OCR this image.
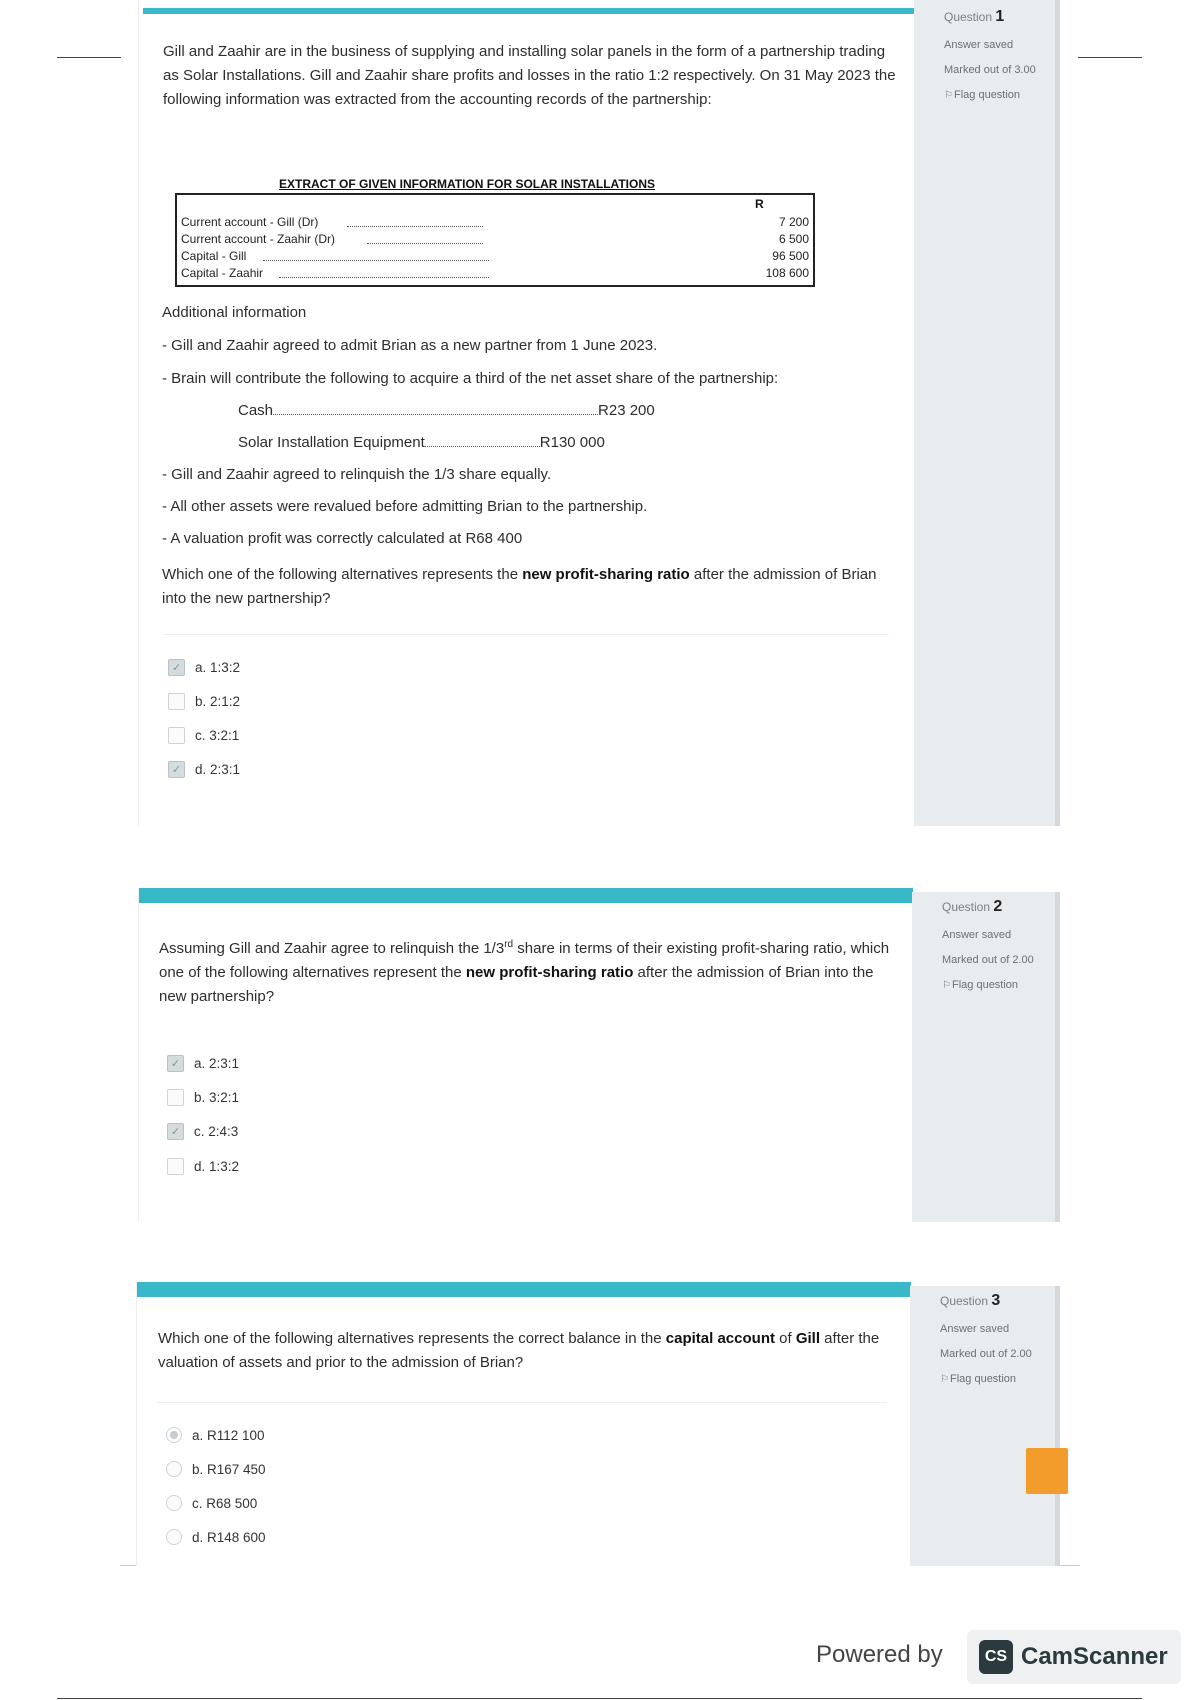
Gill and Zaahir are in the business of supplying and installing solar panels in the form of a partnership trading as Solar Installations. Gill and Zaahir share profits and losses in the ratio 1:2 respectively. On 31 May 2023 the following information was extracted from the accounting records of the partnership:
EXTRACT OF GIVEN INFORMATION FOR SOLAR INSTALLATIONS
R
Current account - Gill (Dr)	7 200
Current account - Zaahir (Dr)	6 500
Capital - Gill	96 500
Capital - Zaahir	108 600
Additional information
- Gill and Zaahir agreed to admit Brian as a new partner from 1 June 2023.
- Brain will contribute the following to acquire a third of the net asset share of the partnership:
Cash	R23 200
Solar Installation Equipment	R130 000
- Gill and Zaahir agreed to relinquish the 1/3 share equally.
- All other assets were revalued before admitting Brian to the partnership.
- A valuation profit was correctly calculated at R68 400
Which one of the following alternatives represents the new profit-sharing ratio after the admission of Brian into the new partnership?
✓ a. 1:3:2
b. 2:1:2
c. 3:2:1
✓ d. 2:3:1
Question 1
Answer saved
Marked out of 3.00
⚐Flag question
Assuming Gill and Zaahir agree to relinquish the 1/3rd share in terms of their existing profit-sharing ratio, which one of the following alternatives represent the new profit-sharing ratio after the admission of Brian into the new partnership?
✓ a. 2:3:1
b. 3:2:1
✓ c. 2:4:3
d. 1:3:2
Question 2
Answer saved
Marked out of 2.00
⚐Flag question
Which one of the following alternatives represents the correct balance in the capital account of Gill after the valuation of assets and prior to the admission of Brian?
a. R112 100
b. R167 450
c. R68 500
d. R148 600
Question 3
Answer saved
Marked out of 2.00
⚐Flag question
Powered by	CS CamScanner
